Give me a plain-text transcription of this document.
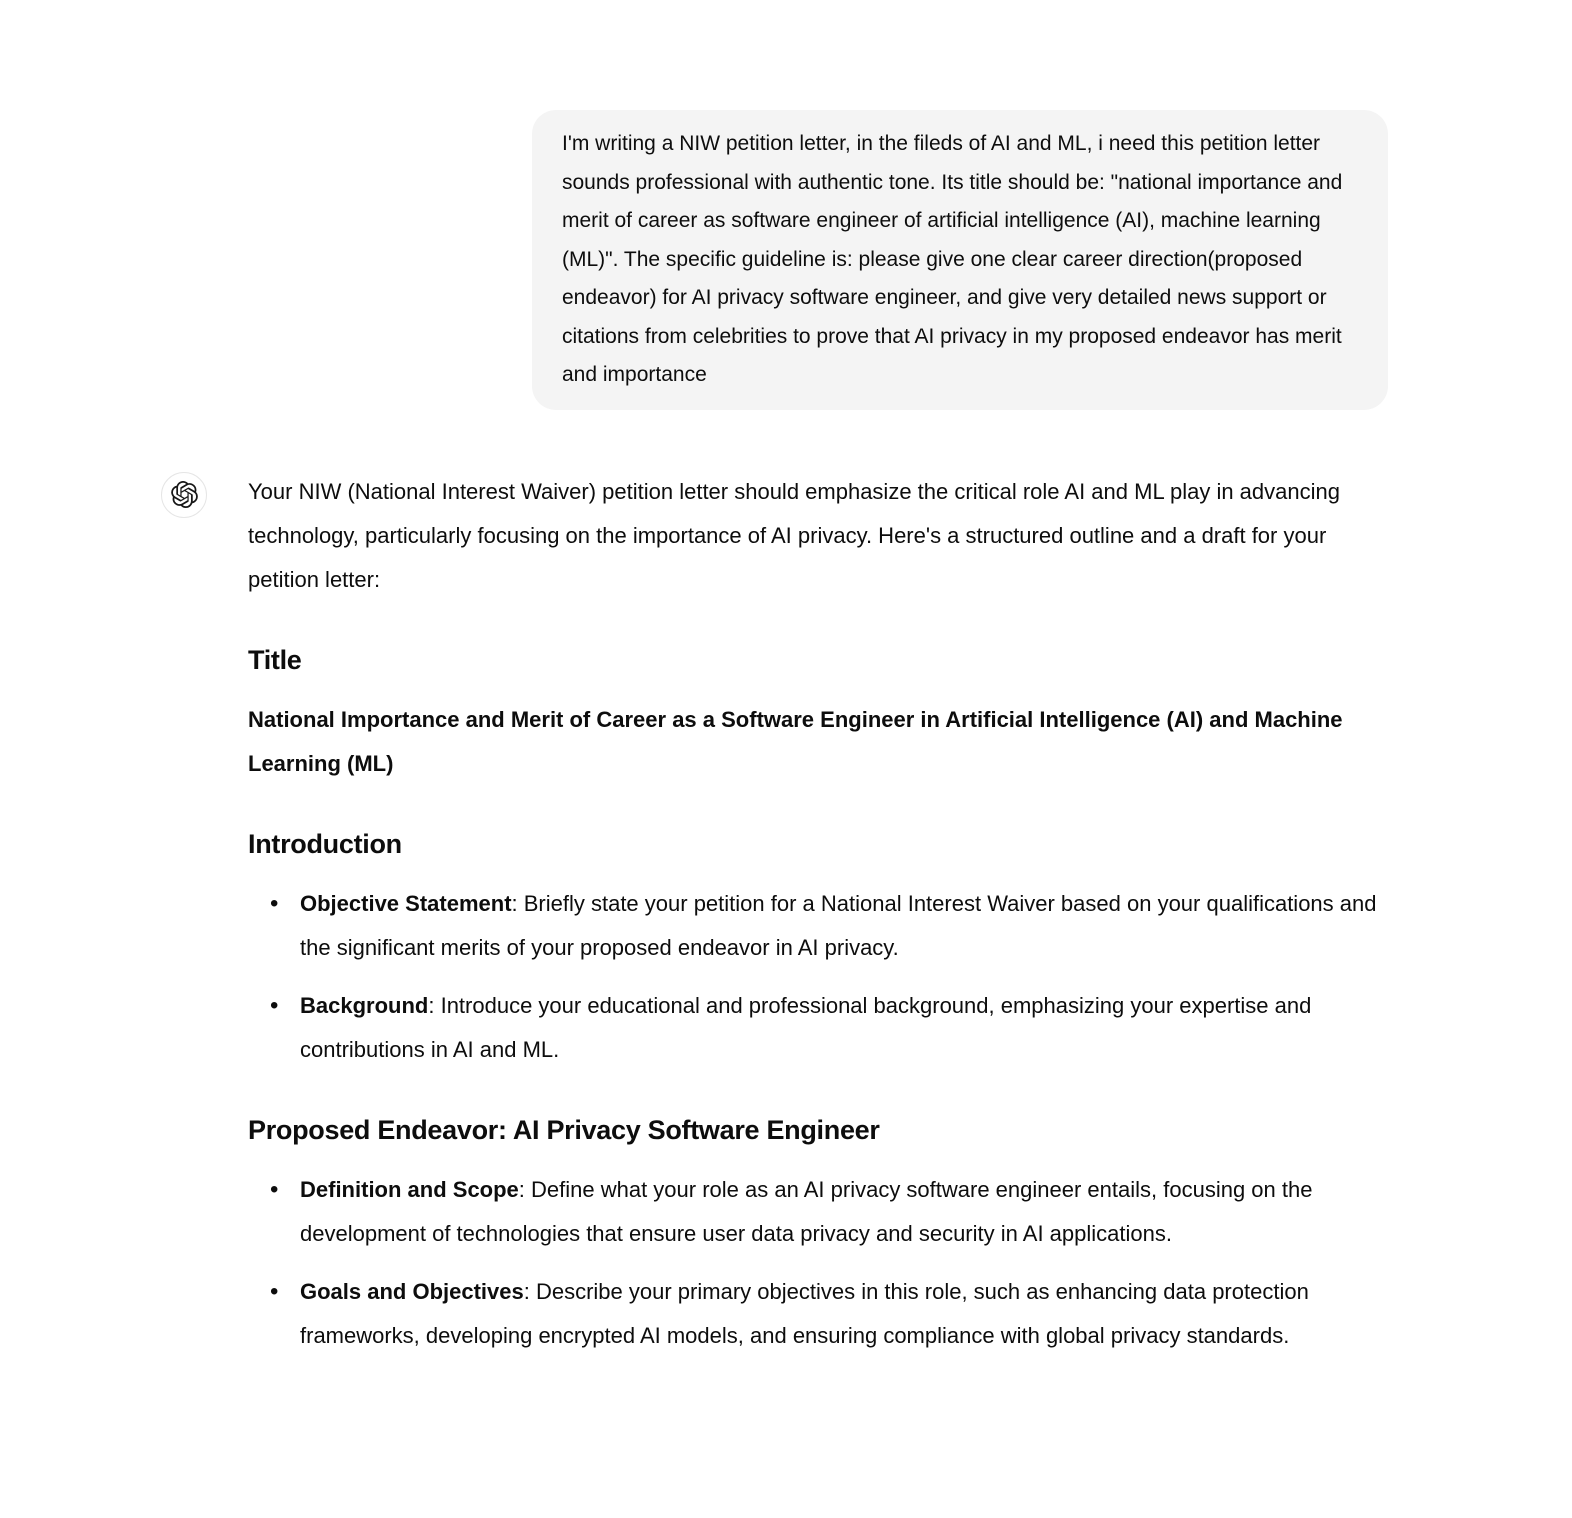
I'm writing a NIW petition letter, in the fileds of AI and ML, i need this petition letter sounds professional with authentic tone. Its title should be: "national importance and merit of career as software engineer of artificial intelligence (AI), machine learning (ML)". The specific guideline is: please give one clear career direction(proposed endeavor) for AI privacy software engineer, and give very detailed news support or citations from celebrities to prove that AI privacy in my proposed endeavor has merit and importance

Your NIW (National Interest Waiver) petition letter should emphasize the critical role AI and ML play in advancing technology, particularly focusing on the importance of AI privacy. Here's a structured outline and a draft for your petition letter:

Title

National Importance and Merit of Career as a Software Engineer in Artificial Intelligence (AI) and Machine Learning (ML)

Introduction
• Objective Statement: Briefly state your petition for a National Interest Waiver based on your qualifications and the significant merits of your proposed endeavor in AI privacy.
• Background: Introduce your educational and professional background, emphasizing your expertise and contributions in AI and ML.
Proposed Endeavor: AI Privacy Software Engineer
• Definition and Scope: Define what your role as an AI privacy software engineer entails, focusing on the development of technologies that ensure user data privacy and security in AI applications.
• Goals and Objectives: Describe your primary objectives in this role, such as enhancing data protection frameworks, developing encrypted AI models, and ensuring compliance with global privacy standards.
